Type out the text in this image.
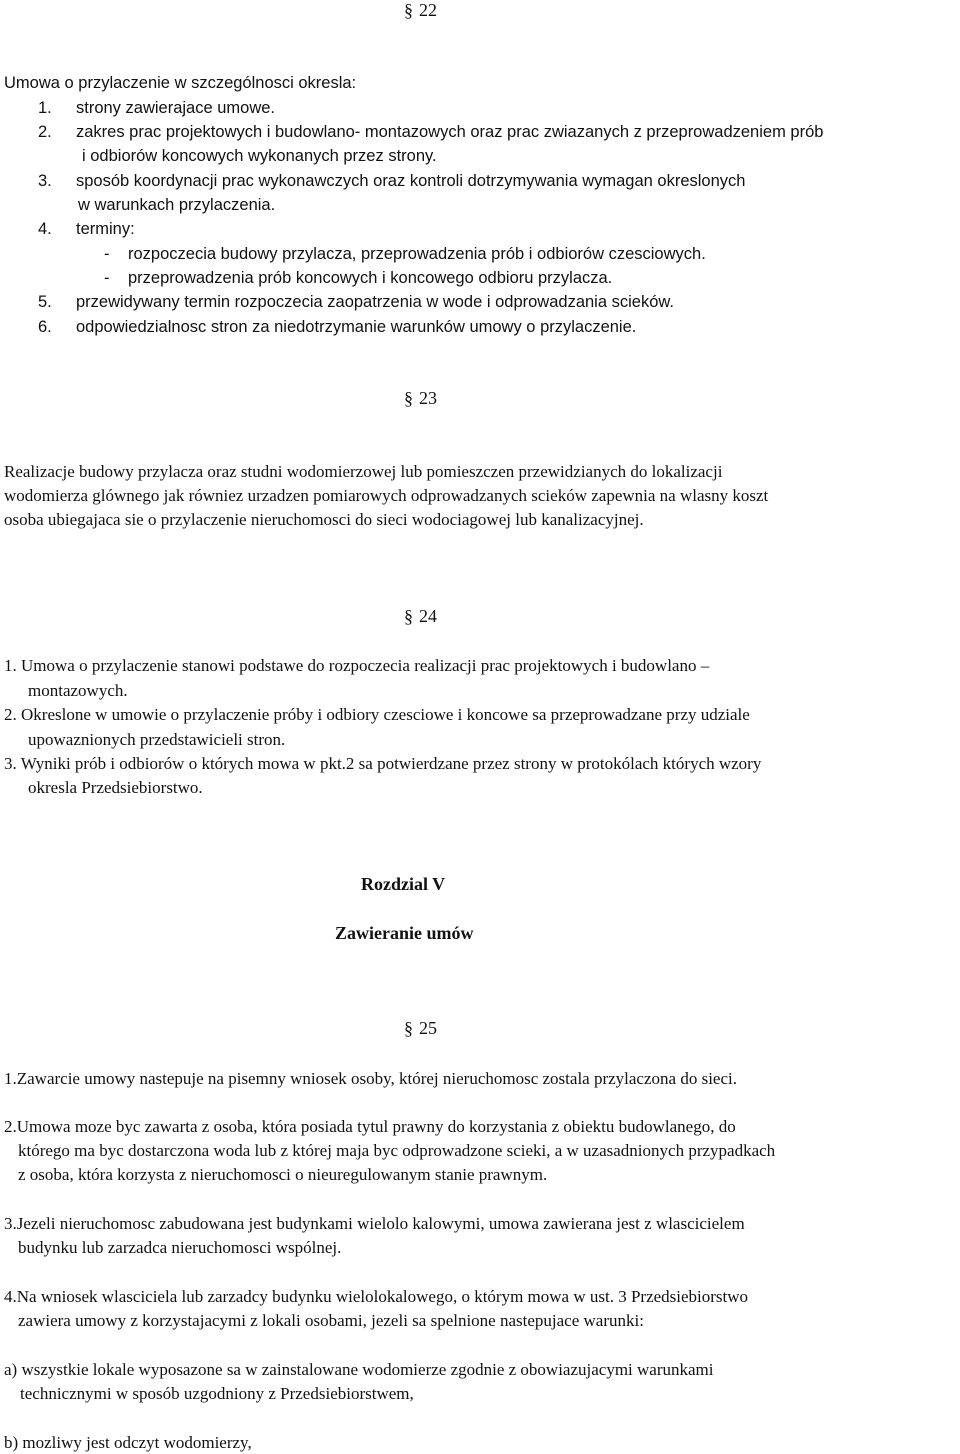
§ 22
Umowa o przylaczenie w szczególnosci okresla:
1. strony zawierajace umowe.
2. zakres prac projektowych i budowlano- montazowych oraz prac zwiazanych z przeprowadzeniem prób
i odbiorów koncowych wykonanych przez strony.
3. sposób koordynacji prac wykonawczych oraz kontroli dotrzymywania wymagan okreslonych
w warunkach przylaczenia.
4. terminy:
- rozpoczecia budowy przylacza, przeprowadzenia prób i odbiorów czesciowych.
- przeprowadzenia prób koncowych i koncowego odbioru przylacza.
5. przewidywany termin rozpoczecia zaopatrzenia w wode i odprowadzania scieków.
6. odpowiedzialnosc stron za niedotrzymanie warunków umowy o przylaczenie.
§ 23
Realizacje budowy przylacza oraz studni wodomierzowej lub pomieszczen przewidzianych do lokalizacji
wodomierza glównego jak równiez urzadzen pomiarowych odprowadzanych scieków zapewnia na wlasny koszt
osoba ubiegajaca sie o przylaczenie nieruchomosci do sieci wodociagowej lub kanalizacyjnej.
§ 24
1. Umowa o przylaczenie stanowi podstawe do rozpoczecia realizacji prac projektowych i budowlano –
montazowych.
2. Okreslone w umowie o przylaczenie próby i odbiory czesciowe i koncowe sa przeprowadzane przy udziale
upowaznionych przedstawicieli stron.
3. Wyniki prób i odbiorów o których mowa w pkt.2 sa potwierdzane przez strony w protokólach których wzory
okresla Przedsiebiorstwo.
Rozdzial V
Zawieranie umów
§ 25
1.Zawarcie umowy nastepuje na pisemny wniosek osoby, której nieruchomosc zostala przylaczona do sieci.
2.Umowa moze byc zawarta z osoba, która posiada tytul prawny do korzystania z obiektu budowlanego, do
którego ma byc dostarczona woda lub z której maja byc odprowadzone scieki, a w uzasadnionych przypadkach
z osoba, która korzysta z nieruchomosci o nieuregulowanym stanie prawnym.
3.Jezeli nieruchomosc zabudowana jest budynkami wielolo kalowymi, umowa zawierana jest z wlascicielem
budynku lub zarzadca nieruchomosci wspólnej.
4.Na wniosek wlasciciela lub zarzadcy budynku wielolokalowego, o którym mowa w ust. 3 Przedsiebiorstwo
zawiera umowy z korzystajacymi z lokali osobami, jezeli sa spelnione nastepujace warunki:
a) wszystkie lokale wyposazone sa w zainstalowane wodomierze zgodnie z obowiazujacymi warunkami
technicznymi w sposób uzgodniony z Przedsiebiorstwem,
b) mozliwy jest odczyt wodomierzy,
